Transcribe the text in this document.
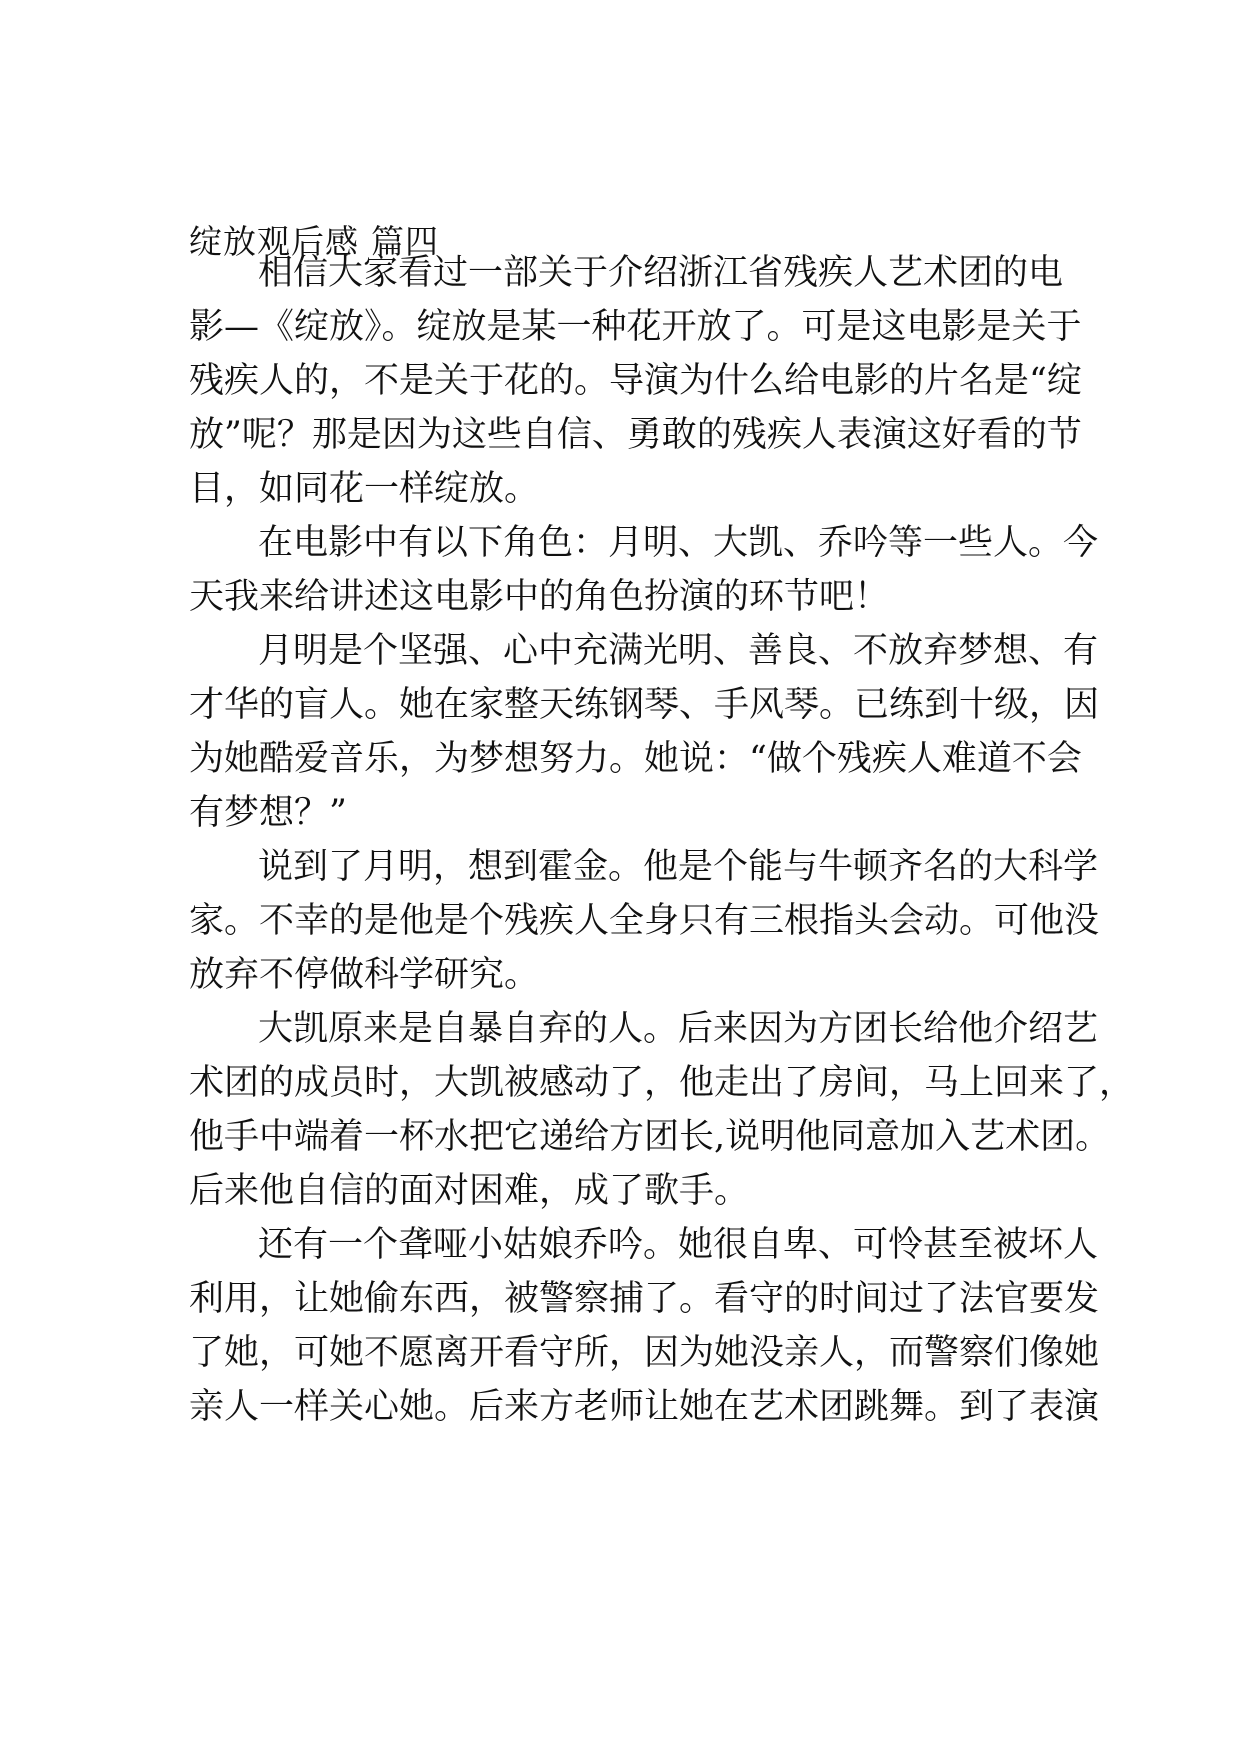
绽放观后感 篇四
相信大家看过一部关于介绍浙江省残疾人艺术团的电
影—《绽放》。绽放是某一种花开放了。可是这电影是关于
残疾人的，不是关于花的。导演为什么给电影的片名是“绽
放”呢？那是因为这些自信、勇敢的残疾人表演这好看的节
目，如同花一样绽放。
在电影中有以下角色：月明、大凯、乔吟等一些人。今
天我来给讲述这电影中的角色扮演的环节吧！
月明是个坚强、心中充满光明、善良、不放弃梦想、有
才华的盲人。她在家整天练钢琴、手风琴。已练到十级，因
为她酷爱音乐，为梦想努力。她说：“做个残疾人难道不会
有梦想？”
说到了月明，想到霍金。他是个能与牛顿齐名的大科学
家。不幸的是他是个残疾人全身只有三根指头会动。可他没
放弃不停做科学研究。
大凯原来是自暴自弃的人。后来因为方团长给他介绍艺
术团的成员时，大凯被感动了，他走出了房间，马上回来了，
他手中端着一杯水把它递给方团长,说明他同意加入艺术团。
后来他自信的面对困难，成了歌手。
还有一个聋哑小姑娘乔吟。她很自卑、可怜甚至被坏人
利用，让她偷东西，被警察捕了。看守的时间过了法官要发
了她，可她不愿离开看守所，因为她没亲人，而警察们像她
亲人一样关心她。后来方老师让她在艺术团跳舞。到了表演
